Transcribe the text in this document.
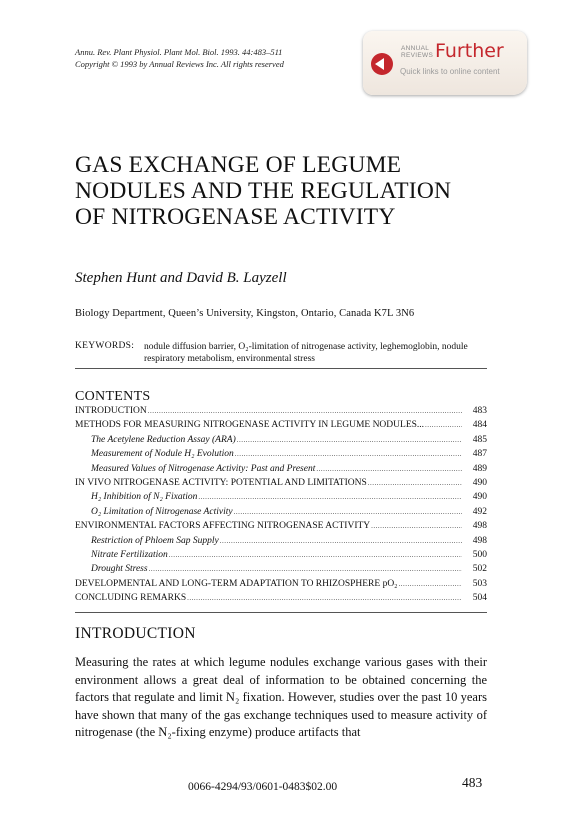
Annu. Rev. Plant Physiol. Plant Mol. Biol. 1993. 44:483–511
Copyright © 1993 by Annual Reviews Inc. All rights reserved
ANNUAL
REVIEWS Further
Quick links to online content
GAS EXCHANGE OF LEGUME
NODULES AND THE REGULATION
OF NITROGENASE ACTIVITY
Stephen Hunt and David B. Layzell
Biology Department, Queen’s University, Kingston, Ontario, Canada K7L 3N6
KEYWORDS: nodule diffusion barrier, O₂-limitation of nitrogenase activity, leghemoglobin, nodule respiratory metabolism, environmental stress
CONTENTS
INTRODUCTION .....	483
METHODS FOR MEASURING NITROGENASE ACTIVITY IN LEGUME NODULES... .....	484
The Acetylene Reduction Assay (ARA) .....	485
Measurement of Nodule H₂ Evolution .....	487
Measured Values of Nitrogenase Activity: Past and Present .....	489
IN VIVO NITROGENASE ACTIVITY: POTENTIAL AND LIMITATIONS .....	490
H₂ Inhibition of N₂ Fixation .....	490
O₂ Limitation of Nitrogenase Activity .....	492
ENVIRONMENTAL FACTORS AFFECTING NITROGENASE ACTIVITY .....	498
Restriction of Phloem Sap Supply .....	498
Nitrate Fertilization .....	500
Drought Stress .....	502
DEVELOPMENTAL AND LONG-TERM ADAPTATION TO RHIZOSPHERE pO₂ .....	503
CONCLUDING REMARKS .....	504
INTRODUCTION
Measuring the rates at which legume nodules exchange various gases with their environment allows a great deal of information to be obtained concerning the factors that regulate and limit N₂ fixation. However, studies over the past 10 years have shown that many of the gas exchange techniques used to measure activity of nitrogenase (the N₂-fixing enzyme) produce artifacts that
0066-4294/93/0601-0483$02.00	483
